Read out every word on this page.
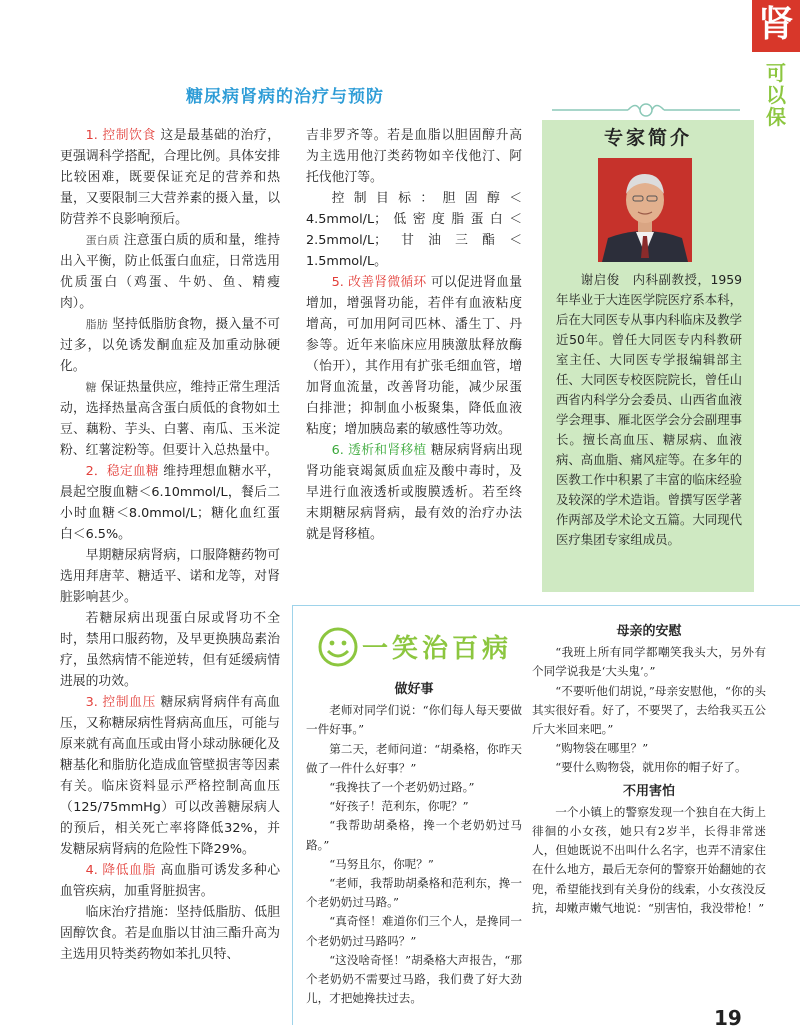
肾
可
以
保
糖尿病肾病的治疗与预防

1. 控制饮食 这是最基础的治疗，更强调科学搭配，合理比例。具体安排比较困难，既要保证充足的营养和热量，又要限制三大营养素的摄入量，以防营养不良影响预后。

蛋白质 注意蛋白质的质和量，维持出入平衡，防止低蛋白血症，日常选用优质蛋白（鸡蛋、牛奶、鱼、精瘦肉）。

脂肪 坚持低脂肪食物，摄入量不可过多，以免诱发酮血症及加重动脉硬化。

糖 保证热量供应，维持正常生理活动，选择热量高含蛋白质低的食物如土豆、藕粉、芋头、白薯、南瓜、玉米淀粉、红薯淀粉等。但要计入总热量中。

2．稳定血糖 维持理想血糖水平，晨起空腹血糖＜6.10mmol/L，餐后二小时血糖＜8.0mmol/L；糖化血红蛋白＜6.5%。

早期糖尿病肾病，口服降糖药物可选用拜唐苹、糖适平、诺和龙等，对肾脏影响甚少。

若糖尿病出现蛋白尿或肾功不全时，禁用口服药物，及早更换胰岛素治疗，虽然病情不能逆转，但有延缓病情进展的功效。

3. 控制血压 糖尿病肾病伴有高血压，又称糖尿病性肾病高血压，可能与原来就有高血压或由肾小球动脉硬化及糖基化和脂肪化造成血管壁损害等因素有关。临床资料显示严格控制高血压（125/75mmHg）可以改善糖尿病人的预后，相关死亡率将降低32%，并发糖尿病肾病的危险性下降29%。

4. 降低血脂 高血脂可诱发多种心血管疾病，加重肾脏损害。

临床治疗措施：坚持低脂肪、低胆固醇饮食。若是血脂以甘油三酯升高为主选用贝特类药物如苯扎贝特、

吉非罗齐等。若是血脂以胆固醇升高为主选用他汀类药物如辛伐他汀、阿托伐他汀等。

控制目标：胆固醇＜4.5mmol/L；低密度脂蛋白＜2.5mmol/L；甘油三酯＜1.5mmol/L。

5. 改善肾微循环 可以促进肾血量增加，增强肾功能，若伴有血液粘度增高，可加用阿司匹林、潘生丁、丹参等。近年来临床应用胰激肽释放酶（怡开），其作用有扩张毛细血管，增加肾血流量，改善肾功能，减少尿蛋白排泄；抑制血小板聚集，降低血液粘度；增加胰岛素的敏感性等功效。

6. 透析和肾移植 糖尿病肾病出现肾功能衰竭氮质血症及酸中毒时，及早进行血液透析或腹膜透析。若至终末期糖尿病肾病，最有效的治疗办法就是肾移植。

专家简介

谢启俊　内科副教授，1959年毕业于大连医学院医疗系本科，后在大同医专从事内科临床及教学近50年。曾任大同医专内科教研室主任、大同医专学报编辑部主任、大同医专校医院院长，曾任山西省内科学分会委员、山西省血液学会理事、雁北医学会分会副理事长。擅长高血压、糖尿病、血液病、高血脂、痛风症等。在多年的医教工作中积累了丰富的临床经验及较深的学术造诣。曾撰写医学著作两部及学术论文五篇。大同现代医疗集团专家组成员。

一笑治百病
做好事

老师对同学们说：“你们每人每天要做一件好事。”

第二天，老师问道：“胡桑格，你昨天做了一件什么好事？”

“我搀扶了一个老奶奶过路。”

“好孩子！范利东，你呢？”

“我帮助胡桑格，搀一个老奶奶过马路。”

“马努且尔，你呢？”

“老师，我帮助胡桑格和范利东，搀一个老奶奶过马路。”

“真奇怪！难道你们三个人，是搀同一个老奶奶过马路吗？”

“这没啥奇怪！”胡桑格大声报告，“那个老奶奶不需要过马路，我们费了好大劲儿，才把她搀扶过去。

母亲的安慰

“我班上所有同学都嘲笑我头大，另外有个同学说我是‘大头鬼’。”

“不要听他们胡说，”母亲安慰他，“你的头其实很好看。好了，不要哭了，去给我买五公斤大米回来吧。”

“购物袋在哪里？”

“要什么购物袋，就用你的帽子好了。

不用害怕

一个小镇上的警察发现一个独自在大街上徘徊的小女孩，她只有2岁半，长得非常迷人，但她既说不出叫什么名字，也弄不清家住在什么地方，最后无奈何的警察开始翻她的衣兜，希望能找到有关身份的线索，小女孩没反抗，却嫩声嫩气地说：“别害怕，我没带枪！”

19
